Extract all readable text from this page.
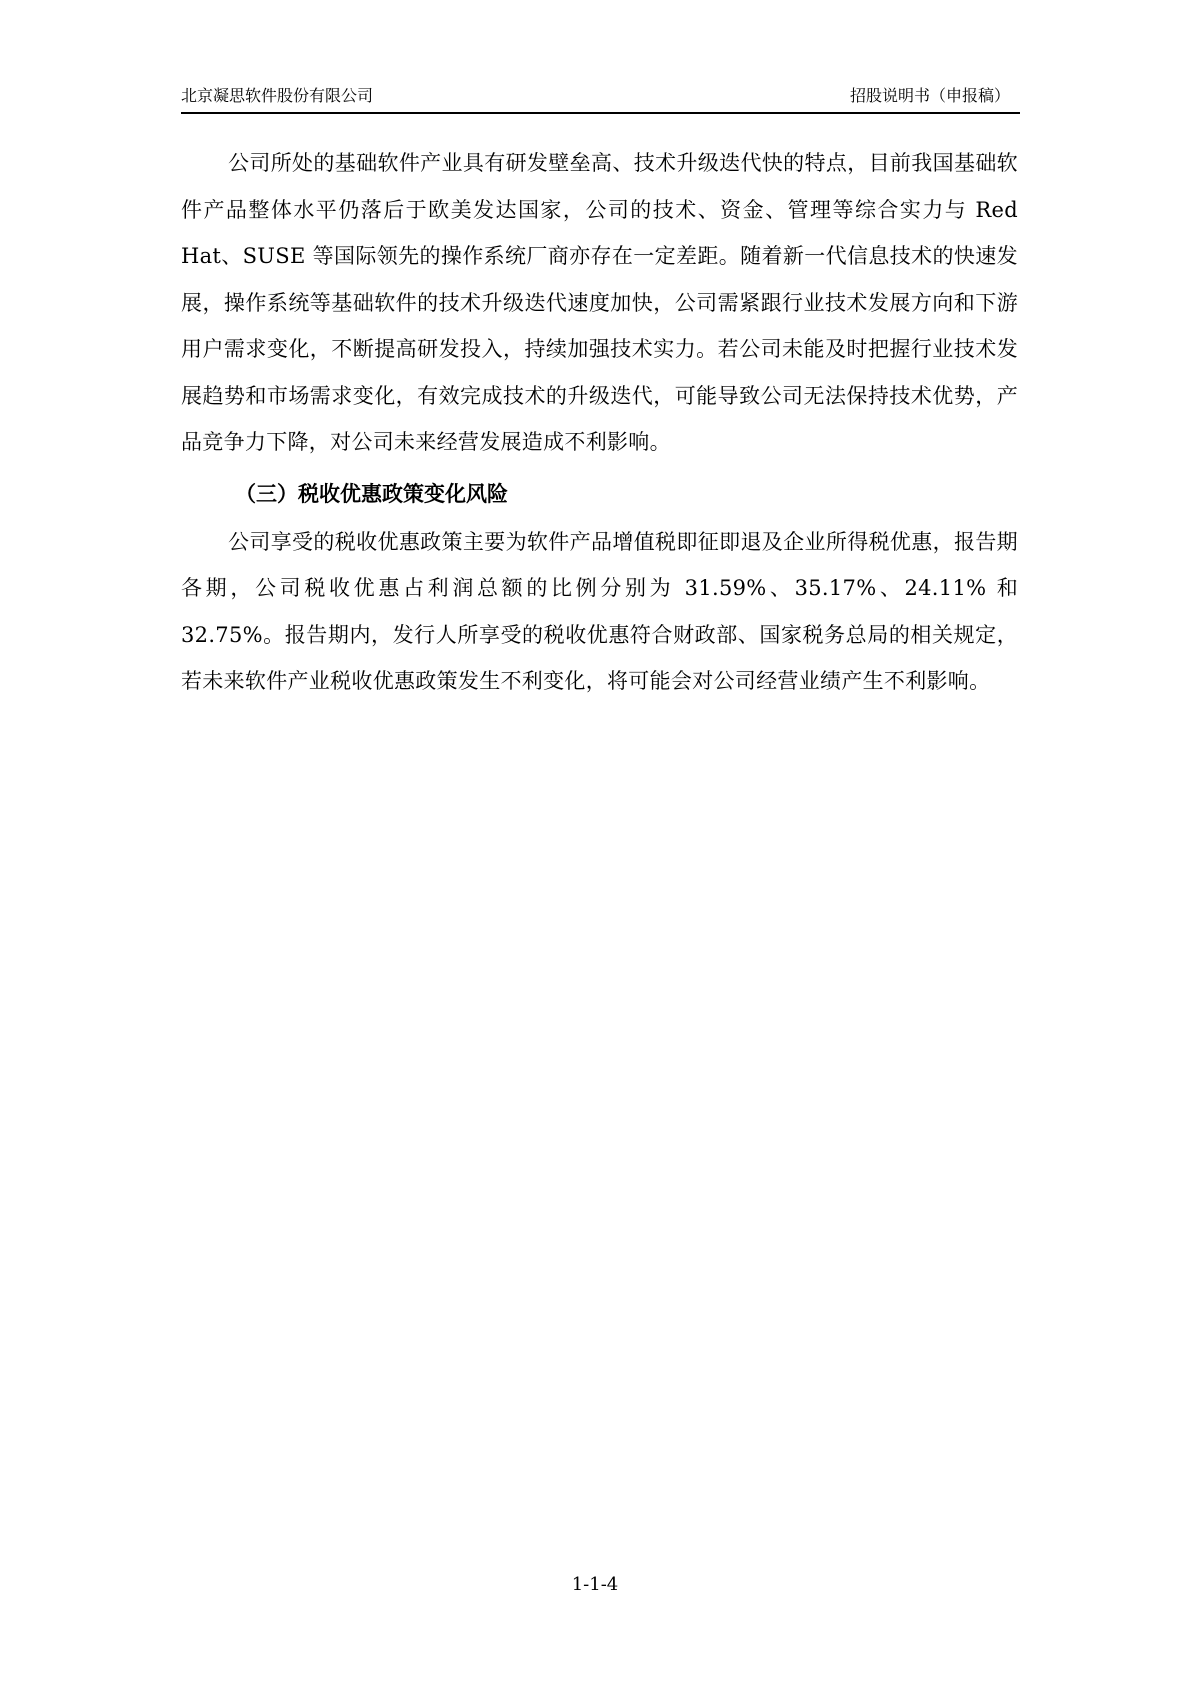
北京凝思软件股份有限公司	招股说明书（申报稿）

公司所处的基础软件产业具有研发壁垒高、技术升级迭代快的特点，目前我国基础软件产品整体水平仍落后于欧美发达国家，公司的技术、资金、管理等综合实力与 Red Hat、SUSE 等国际领先的操作系统厂商亦存在一定差距。随着新一代信息技术的快速发展，操作系统等基础软件的技术升级迭代速度加快，公司需紧跟行业技术发展方向和下游用户需求变化，不断提高研发投入，持续加强技术实力。若公司未能及时把握行业技术发展趋势和市场需求变化，有效完成技术的升级迭代，可能导致公司无法保持技术优势，产品竞争力下降，对公司未来经营发展造成不利影响。

（三）税收优惠政策变化风险

公司享受的税收优惠政策主要为软件产品增值税即征即退及企业所得税优惠，报告期各期，公司税收优惠占利润总额的比例分别为 31.59%、35.17%、24.11% 和 32.75%。报告期内，发行人所享受的税收优惠符合财政部、国家税务总局的相关规定，若未来软件产业税收优惠政策发生不利变化，将可能会对公司经营业绩产生不利影响。

1-1-4
